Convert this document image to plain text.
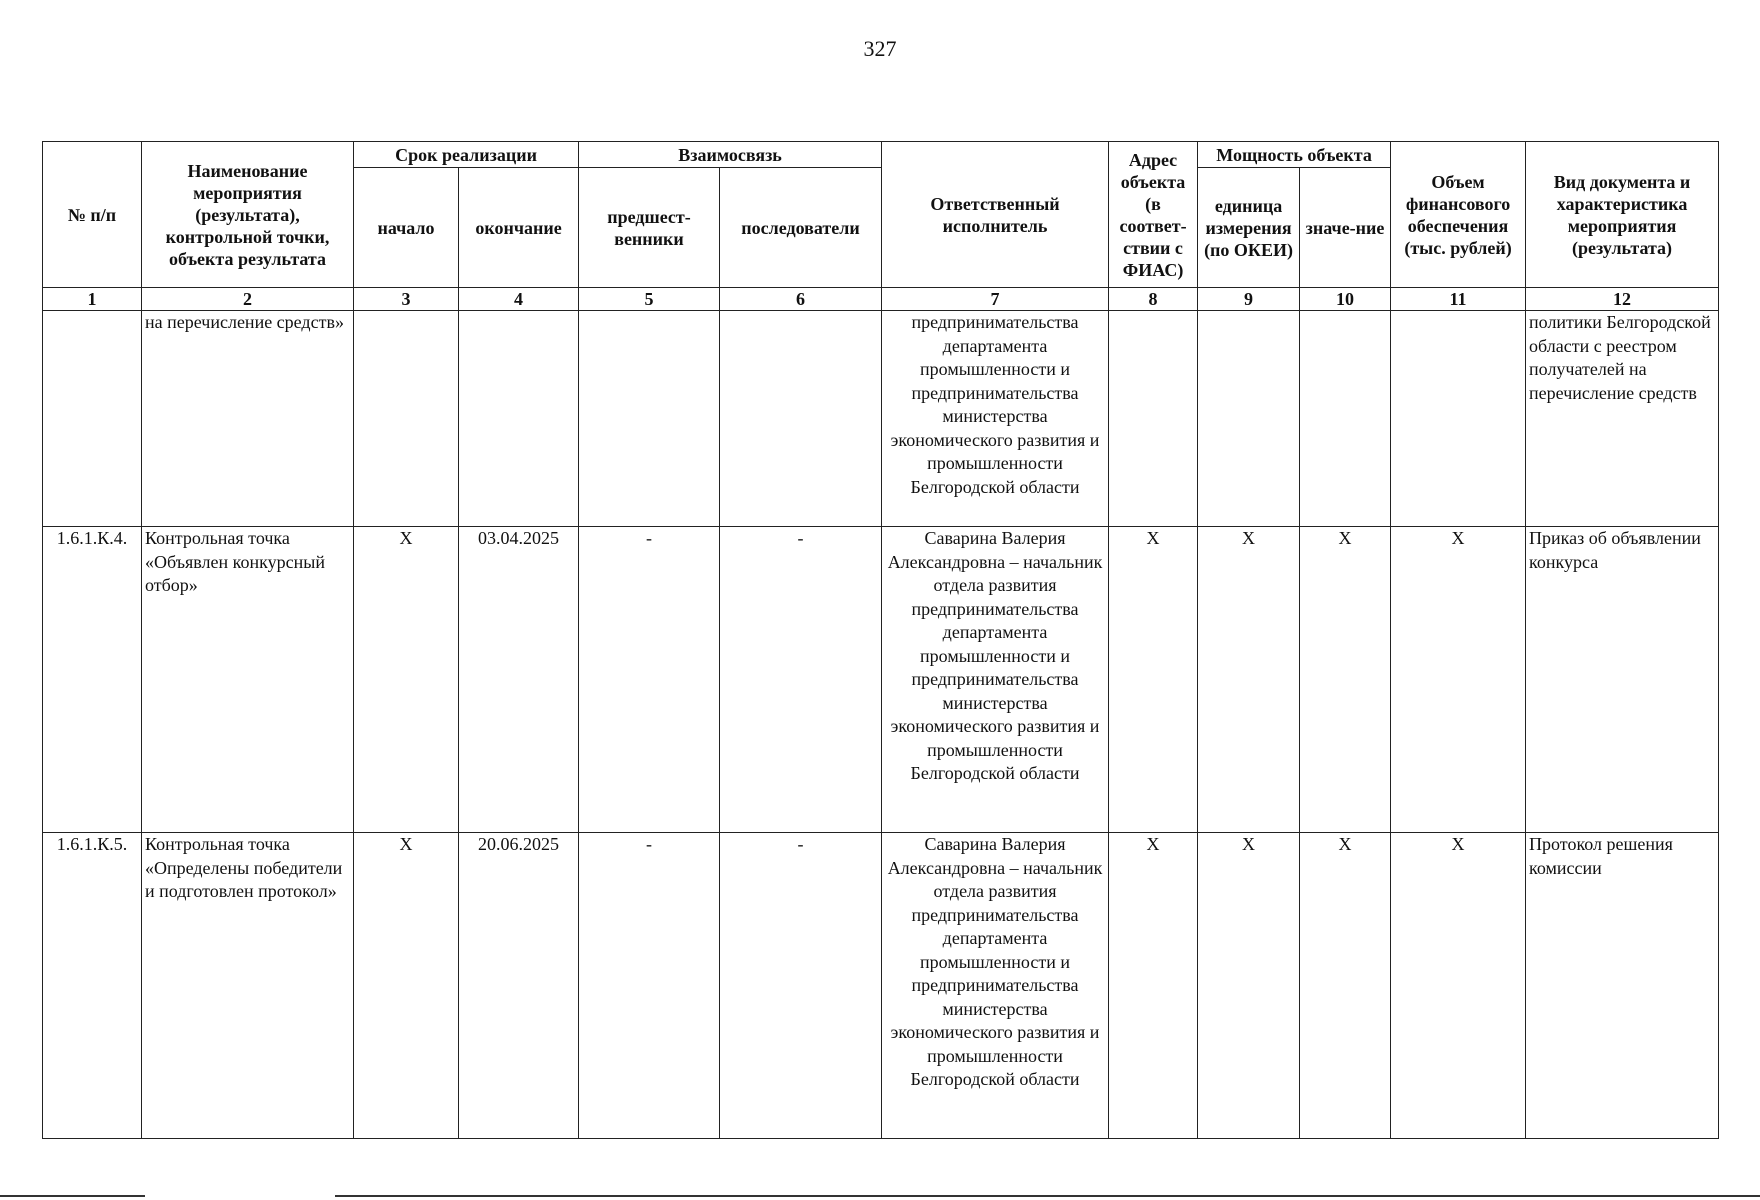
327
№ п/п	Наименование мероприятия (результата), контрольной точки, объекта результата	Срок реализации		Взаимосвязь		Ответственный исполнитель	Адрес объекта (в соответ-ствии с ФИАС)	Мощность объекта		Объем финансового обеспечения (тыс. рублей)	Вид документа и характеристика мероприятия (результата)
		начало	окончание	предшест-венники	последователи			единица измерения (по ОКЕИ)	значе-ние		
1	2	3	4	5	6	7	8	9	10	11	12
	на перечисление средств»					предпринимательства департамента промышленности и предпринимательства министерства экономического развития и промышленности Белгородской области					политики Белгородской области с реестром получателей на перечисление средств
1.6.1.К.4.	Контрольная точка «Объявлен конкурсный отбор»	X	03.04.2025	-	-	Саварина Валерия Александровна – начальник отдела развития предпринимательства департамента промышленности и предпринимательства министерства экономического развития и промышленности Белгородской области	X	X	X	X	Приказ об объявлении конкурса
1.6.1.К.5.	Контрольная точка «Определены победители и подготовлен протокол»	X	20.06.2025	-	-	Саварина Валерия Александровна – начальник отдела развития предпринимательства департамента промышленности и предпринимательства министерства экономического развития и промышленности Белгородской области	X	X	X	X	Протокол решения комиссии
